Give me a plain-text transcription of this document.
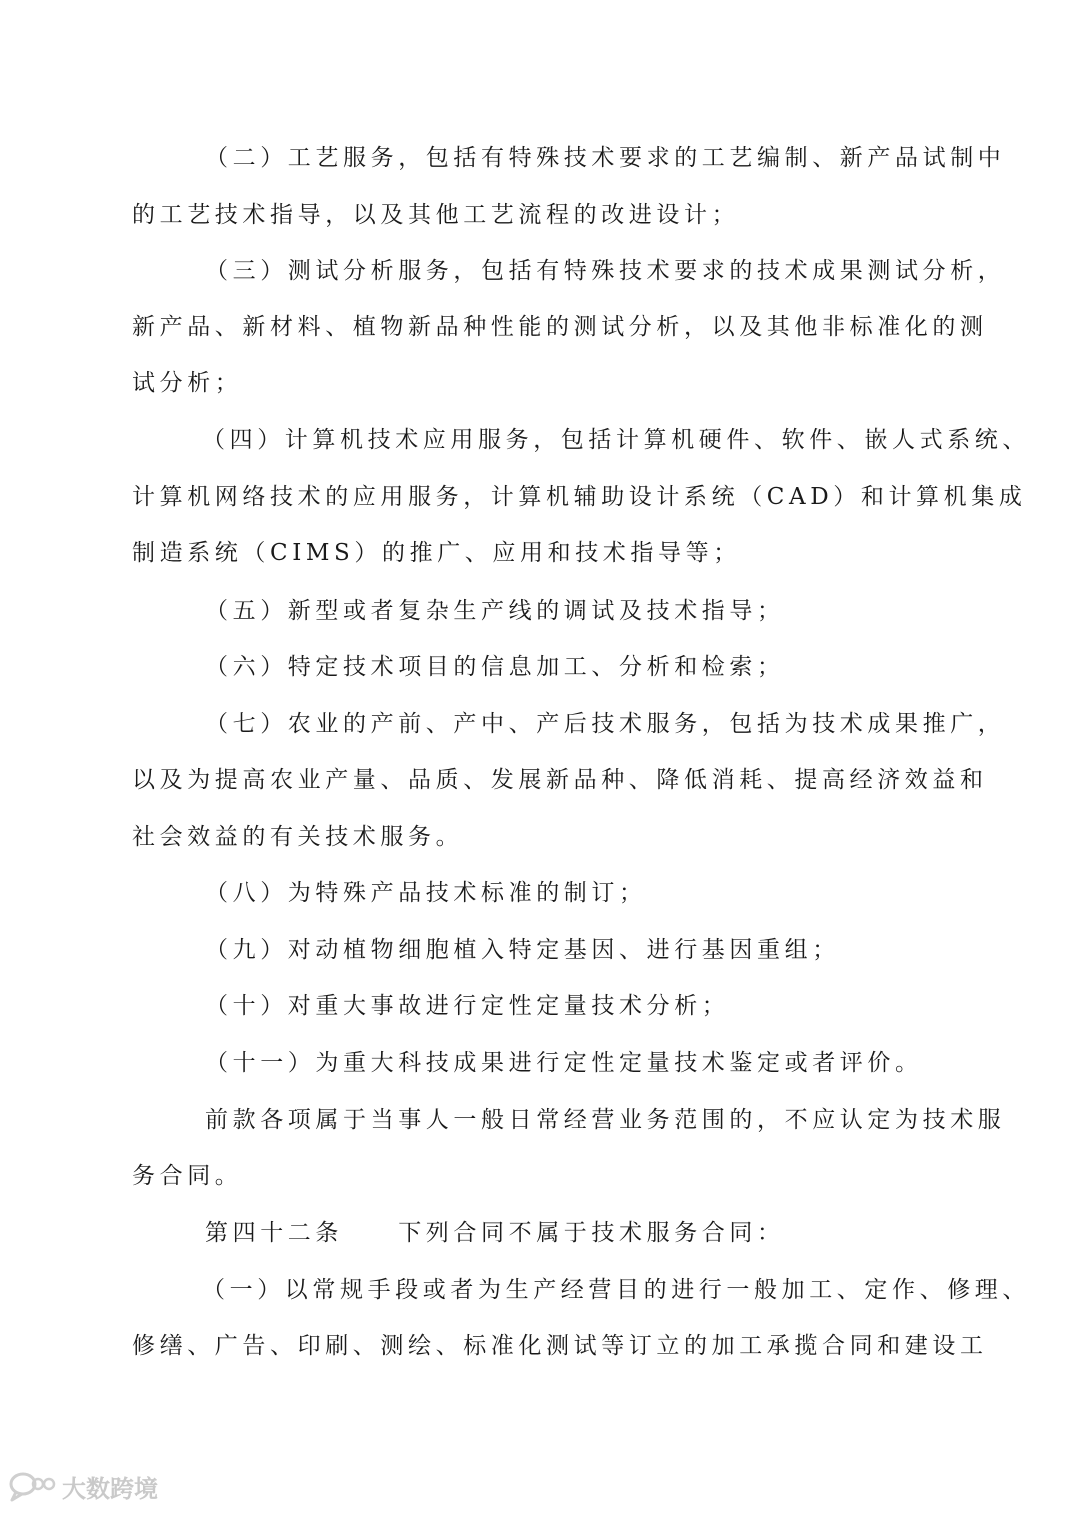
（二）工艺服务，包括有特殊技术要求的工艺编制、新产品试制中
的工艺技术指导，以及其他工艺流程的改进设计；
（三）测试分析服务，包括有特殊技术要求的技术成果测试分析，
新产品、新材料、植物新品种性能的测试分析，以及其他非标准化的测
试分析；
（四）计算机技术应用服务，包括计算机硬件、软件、嵌人式系统、
计算机网络技术的应用服务，计算机辅助设计系统（CAD）和计算机集成
制造系统（CIMS）的推广、应用和技术指导等；
（五）新型或者复杂生产线的调试及技术指导；
（六）特定技术项目的信息加工、分析和检索；
（七）农业的产前、产中、产后技术服务，包括为技术成果推广，
以及为提高农业产量、品质、发展新品种、降低消耗、提高经济效益和
社会效益的有关技术服务。
（八）为特殊产品技术标准的制订；
（九）对动植物细胞植入特定基因、进行基因重组；
（十）对重大事故进行定性定量技术分析；
（十一）为重大科技成果进行定性定量技术鉴定或者评价。
前款各项属于当事人一般日常经营业务范围的，不应认定为技术服
务合同。
第四十二条　　下列合同不属于技术服务合同：
（一）以常规手段或者为生产经营目的进行一般加工、定作、修理、
修缮、广告、印刷、测绘、标准化测试等订立的加工承揽合同和建设工
大数跨境
